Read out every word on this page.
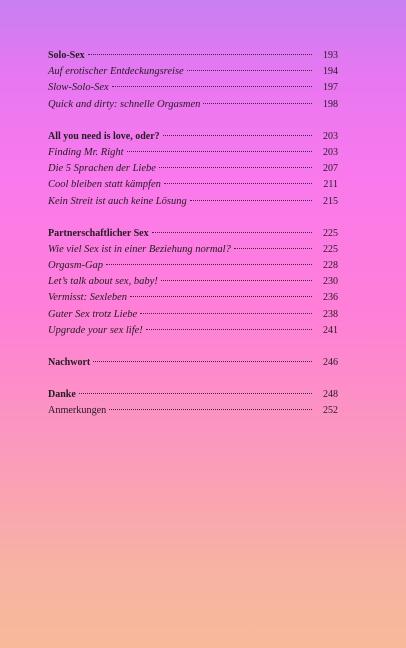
Solo-Sex	193
Auf erotischer Entdeckungsreise	194
Slow-Solo-Sex	197
Quick and dirty: schnelle Orgasmen	198
All you need is love, oder?	203
Finding Mr. Right	203
Die 5 Sprachen der Liebe	207
Cool bleiben statt kämpfen	211
Kein Streit ist auch keine Lösung	215
Partnerschaftlicher Sex	225
Wie viel Sex ist in einer Beziehung normal?	225
Orgasm-Gap	228
Let’s talk about sex, baby!	230
Vermisst: Sexleben	236
Guter Sex trotz Liebe	238
Upgrade your sex life!	241
Nachwort	246
Danke	248
Anmerkungen	252
